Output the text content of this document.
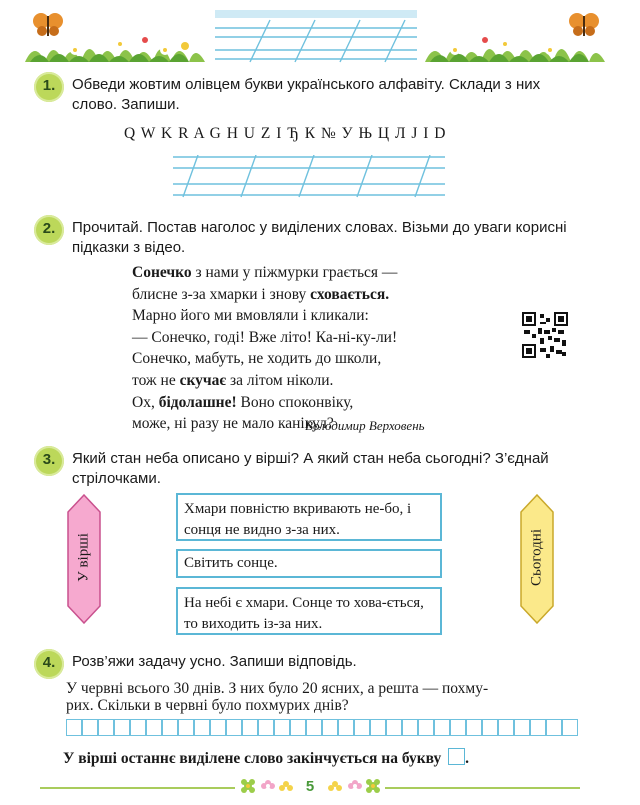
1.	Обведи жовтим олівцем букви українського алфавіту. Склади з них слово. Запиши.
Q W K R A G H U Z I Ђ К № У Њ Ц Л J I D
2.	Прочитай. Постав наголос у виділених словах. Візьми до уваги корисні підказки з відео.
Сонечко з нами у піжмурки грається —
блисне з-за хмарки і знову сховається.
Марно його ми вмовляли і кликали:
— Сонечко, годі! Вже літо! Ка-ні-ку-ли!
Сонечко, мабуть, не ходить до школи,
тож не скучає за літом ніколи.
Ох, бідолашне! Воно споконвіку,
може, ні разу не мало канікул?
Володимир Верховень
3.	Який стан неба описано у вірші? А який стан неба сьогодні? З’єднай стрілочками.
У вірші	Сьогодні
Хмари повністю вкривають не-бо, і сонця не видно з-за них.
Світить сонце.
На небі є хмари. Сонце то хова-ється, то виходить із-за них.
4.	Розв’яжи задачу усно. Запиши відповідь.
У червні всього 30 днів. З них було 20 ясних, а решта — похму-
рих. Скільки в червні було похмурих днів?
У вірші останнє виділене слово закінчується на букву .
5
